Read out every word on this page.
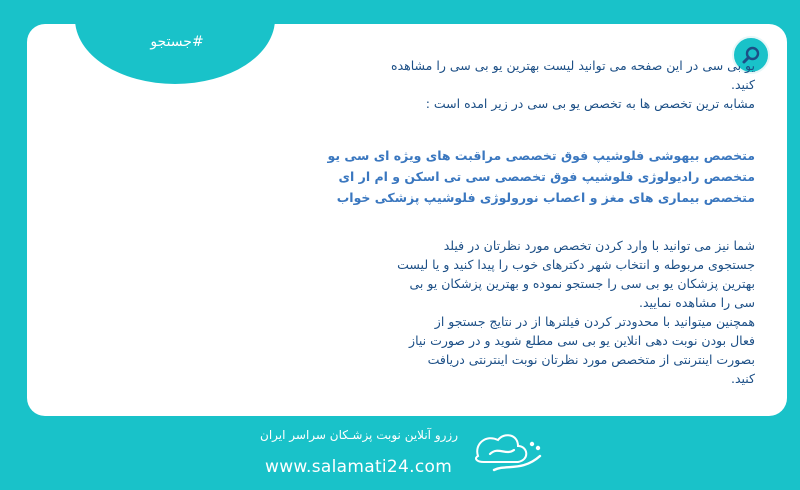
#جستجو

یو بی سی در این صفحه می توانید لیست بهترین یو بی سی را مشاهده

کنید.

مشابه ترین تخصص ها به تخصص یو بی سی در زیر امده است :

متخصص بیهوشی فلوشیپ فوق تخصصی مراقبت های ویژه ای سی یو

متخصص رادیولوژی فلوشیپ فوق تخصصی سی تی اسکن و ام ار ای

متخصص بیماری های مغز و اعصاب نورولوژی فلوشیپ پزشکی خواب

شما نیز می توانید با وارد کردن تخصص مورد نظرتان در فیلد

جستجوی مربوطه و انتخاب شهر دکترهای خوب را پیدا کنید و یا لیست

بهترین پزشکان یو بی سی را جستجو نموده و بهترین پزشکان یو بی

سی را مشاهده نمایید.

همچنین میتوانید با محدودتر کردن فیلترها از در نتایج جستجو از

فعال بودن نوبت دهی انلاین یو بی سی مطلع شوید و در صورت نیاز

بصورت اینترنتی از متخصص مورد نظرتان نوبت اینترنتی دریافت

کنید.

رزرو آنلاین نوبت پزشـکان سراسر ایران
www.salamati24.com
